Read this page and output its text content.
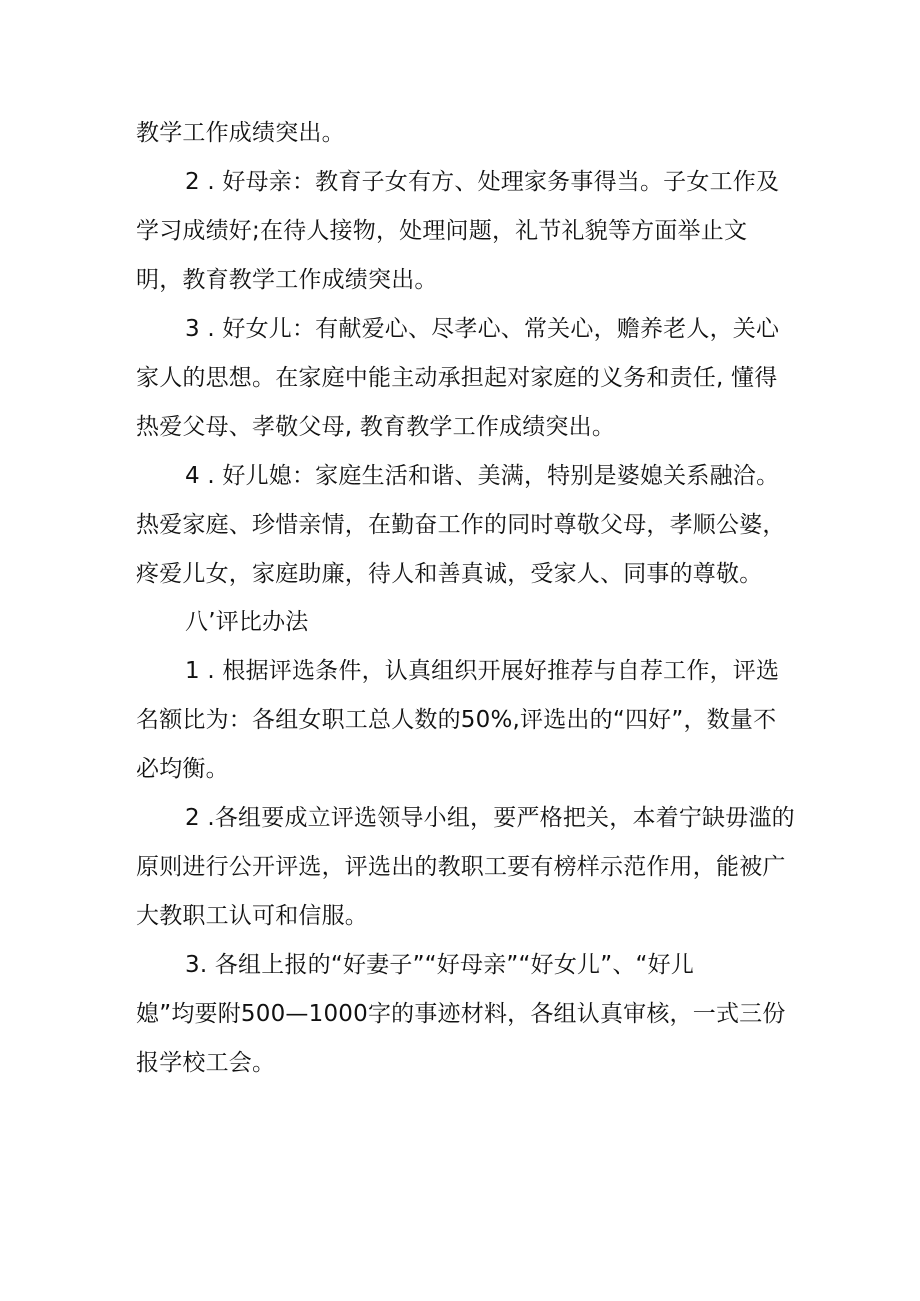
教学工作成绩突出。
2 . 好母亲：教育子女有方、处理家务事得当。子女工作及
学习成绩好;在待人接物，处理问题，礼节礼貌等方面举止文
明，教育教学工作成绩突出。
3 . 好女儿：有献爱心、尽孝心、常关心，赡养老人，关心
家人的思想。在家庭中能主动承担起对家庭的义务和责任, 懂得
热爱父母、孝敬父母, 教育教学工作成绩突出。
4 . 好儿媳：家庭生活和谐、美满，特别是婆媳关系融洽。
热爱家庭、珍惜亲情，在勤奋工作的同时尊敬父母，孝顺公婆，
疼爱儿女，家庭助廉，待人和善真诚，受家人、同事的尊敬。
八’评比办法
1 . 根据评选条件，认真组织开展好推荐与自荐工作，评选
名额比为：各组女职工总人数的50%,评选出的“四好”，数量不
必均衡。
2 .各组要成立评选领导小组，要严格把关，本着宁缺毋滥的
原则进行公开评选，评选出的教职工要有榜样示范作用，能被广
大教职工认可和信服。
3. 各组上报的“好妻子”“好母亲”“好女儿”、“好儿
媳”均要附500—1000字的事迹材料，各组认真审核，一式三份
报学校工会。
